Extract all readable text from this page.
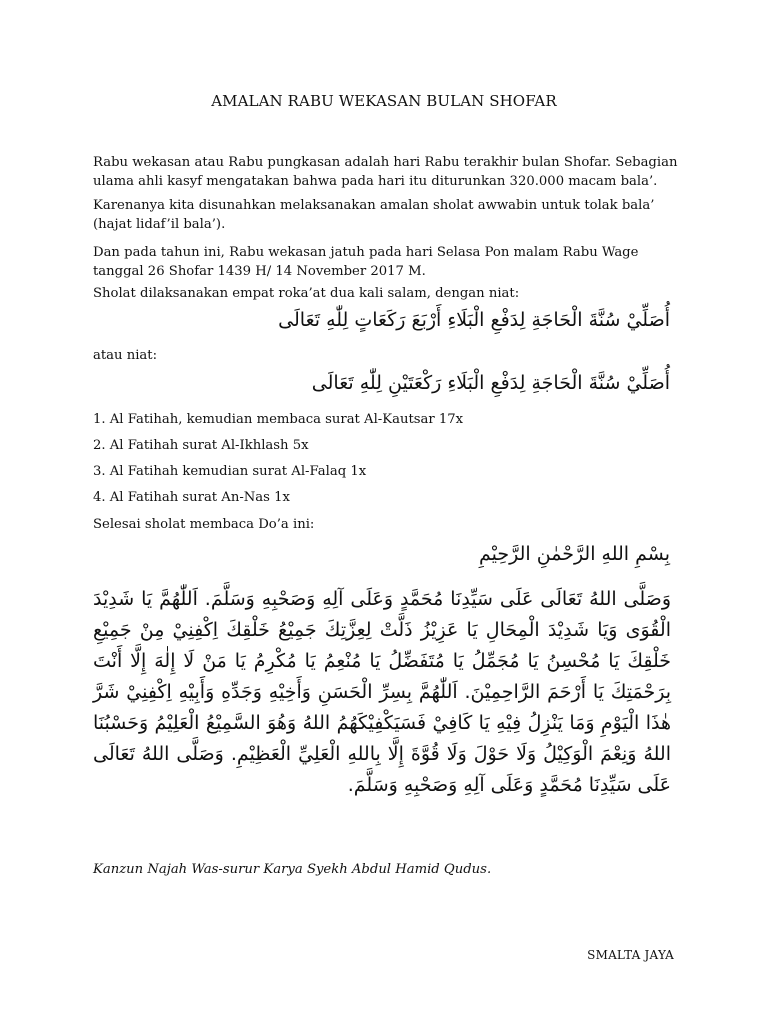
AMALAN RABU WEKASAN BULAN SHOFAR

Rabu wekasan atau Rabu pungkasan adalah hari Rabu terakhir bulan Shofar. Sebagian ulama ahli kasyf mengatakan bahwa pada hari itu diturunkan 320.000 macam bala’.

Karenanya kita disunahkan melaksanakan amalan sholat awwabin untuk tolak bala’ (hajat lidaf’il bala’).

Dan pada tahun ini, Rabu wekasan jatuh pada hari Selasa Pon malam Rabu Wage tanggal 26 Shofar 1439 H/ 14 November 2017 M.

Sholat dilaksanakan empat roka’at dua kali salam, dengan niat:

أُصَلِّيْ سُنَّةَ الْحَاجَةِ لِدَفْعِ الْبَلَاءِ أَرْبَعَ رَكَعَاتٍ لِلّٰهِ تَعَالَى

atau niat:

أُصَلِّيْ سُنَّةَ الْحَاجَةِ لِدَفْعِ الْبَلَاءِ رَكْعَتَيْنِ لِلّٰهِ تَعَالَى

1. Al Fatihah, kemudian membaca surat Al-Kautsar 17x

2. Al Fatihah surat Al-Ikhlash 5x

3. Al Fatihah kemudian surat Al-Falaq 1x

4. Al Fatihah surat An-Nas 1x

Selesai sholat membaca Do’a ini:

بِسْمِ اللهِ الرَّحْمٰنِ الرَّحِيْمِ
وَصَلَّى اللهُ تَعَالَى عَلَى سَيِّدِنَا مُحَمَّدٍ وَعَلَى آلِهِ وَصَحْبِهِ وَسَلَّمَ. اَللّٰهُمَّ يَا شَدِيْدَ الْقُوَى وَيَا شَدِيْدَ الْمِحَالِ يَا عَزِيْزُ ذَلَّتْ لِعِزَّتِكَ جَمِيْعُ خَلْقِكَ اِكْفِنِيْ مِنْ جَمِيْعِ خَلْقِكَ يَا مُحْسِنُ يَا مُجَمِّلُ يَا مُتَفَضِّلُ يَا مُنْعِمُ يَا مُكْرِمُ يَا مَنْ لَا إِلٰهَ إِلَّا أَنْتَ بِرَحْمَتِكَ يَا أَرْحَمَ الرَّاحِمِيْنَ. اَللّٰهُمَّ بِسِرِّ الْحَسَنِ وَأَخِيْهِ وَجَدِّهِ وَأَبِيْهِ اِكْفِنِيْ شَرَّ هٰذَا الْيَوْمِ وَمَا يَنْزِلُ فِيْهِ يَا كَافِيْ فَسَيَكْفِيْكَهُمُ اللهُ وَهُوَ السَّمِيْعُ الْعَلِيْمُ وَحَسْبُنَا اللهُ وَنِعْمَ الْوَكِيْلُ وَلَا حَوْلَ وَلَا قُوَّةَ إِلَّا بِاللهِ الْعَلِيِّ الْعَظِيْمِ. وَصَلَّى اللهُ تَعَالَى عَلَى سَيِّدِنَا مُحَمَّدٍ وَعَلَى آلِهِ وَصَحْبِهِ وَسَلَّمَ.
Kanzun Najah Was-surur Karya Syekh Abdul Hamid Qudus.
SMALTA JAYA
